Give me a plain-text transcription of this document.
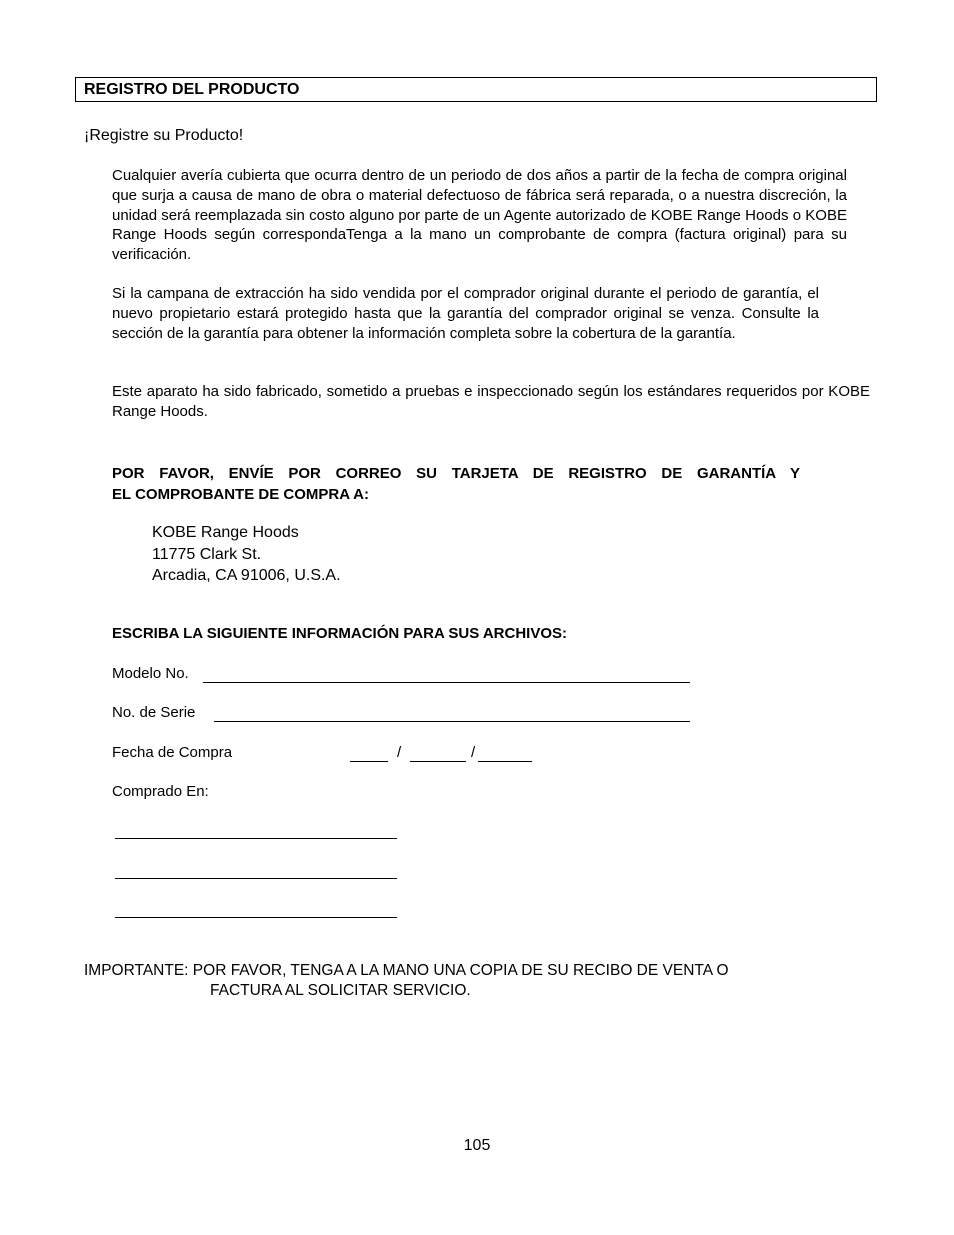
REGISTRO DEL PRODUCTO
¡Registre su Producto!
Cualquier avería cubierta que ocurra dentro de un periodo de dos años a partir de la fecha de compra original que surja a causa de mano de obra o material defectuoso de fábrica será reparada, o a nuestra discreción, la unidad será reemplazada sin costo alguno por parte de un Agente autorizado de KOBE Range Hoods o KOBE Range Hoods según correspondaTenga a la mano un comprobante de compra (factura original) para su verificación.
Si la campana de extracción ha sido vendida por el comprador original durante el periodo de garantía, el nuevo propietario estará protegido hasta que la garantía del comprador original se venza. Consulte la sección de la garantía para obtener la información completa sobre la cobertura de la garantía.
Este aparato ha sido fabricado, sometido a pruebas e inspeccionado según los estándares requeridos por KOBE Range Hoods.
POR FAVOR, ENVÍE POR CORREO SU TARJETA DE REGISTRO DE GARANTÍA Y
EL COMPROBANTE DE COMPRA A:
KOBE Range Hoods
11775 Clark St.
Arcadia, CA 91006, U.S.A.
ESCRIBA LA SIGUIENTE INFORMACIÓN PARA SUS ARCHIVOS:
Modelo No.
No. de Serie
Fecha de Compra	/	/
Comprado En:
IMPORTANTE: POR FAVOR, TENGA A LA MANO UNA COPIA DE SU RECIBO DE VENTA O
FACTURA AL SOLICITAR SERVICIO.
105
